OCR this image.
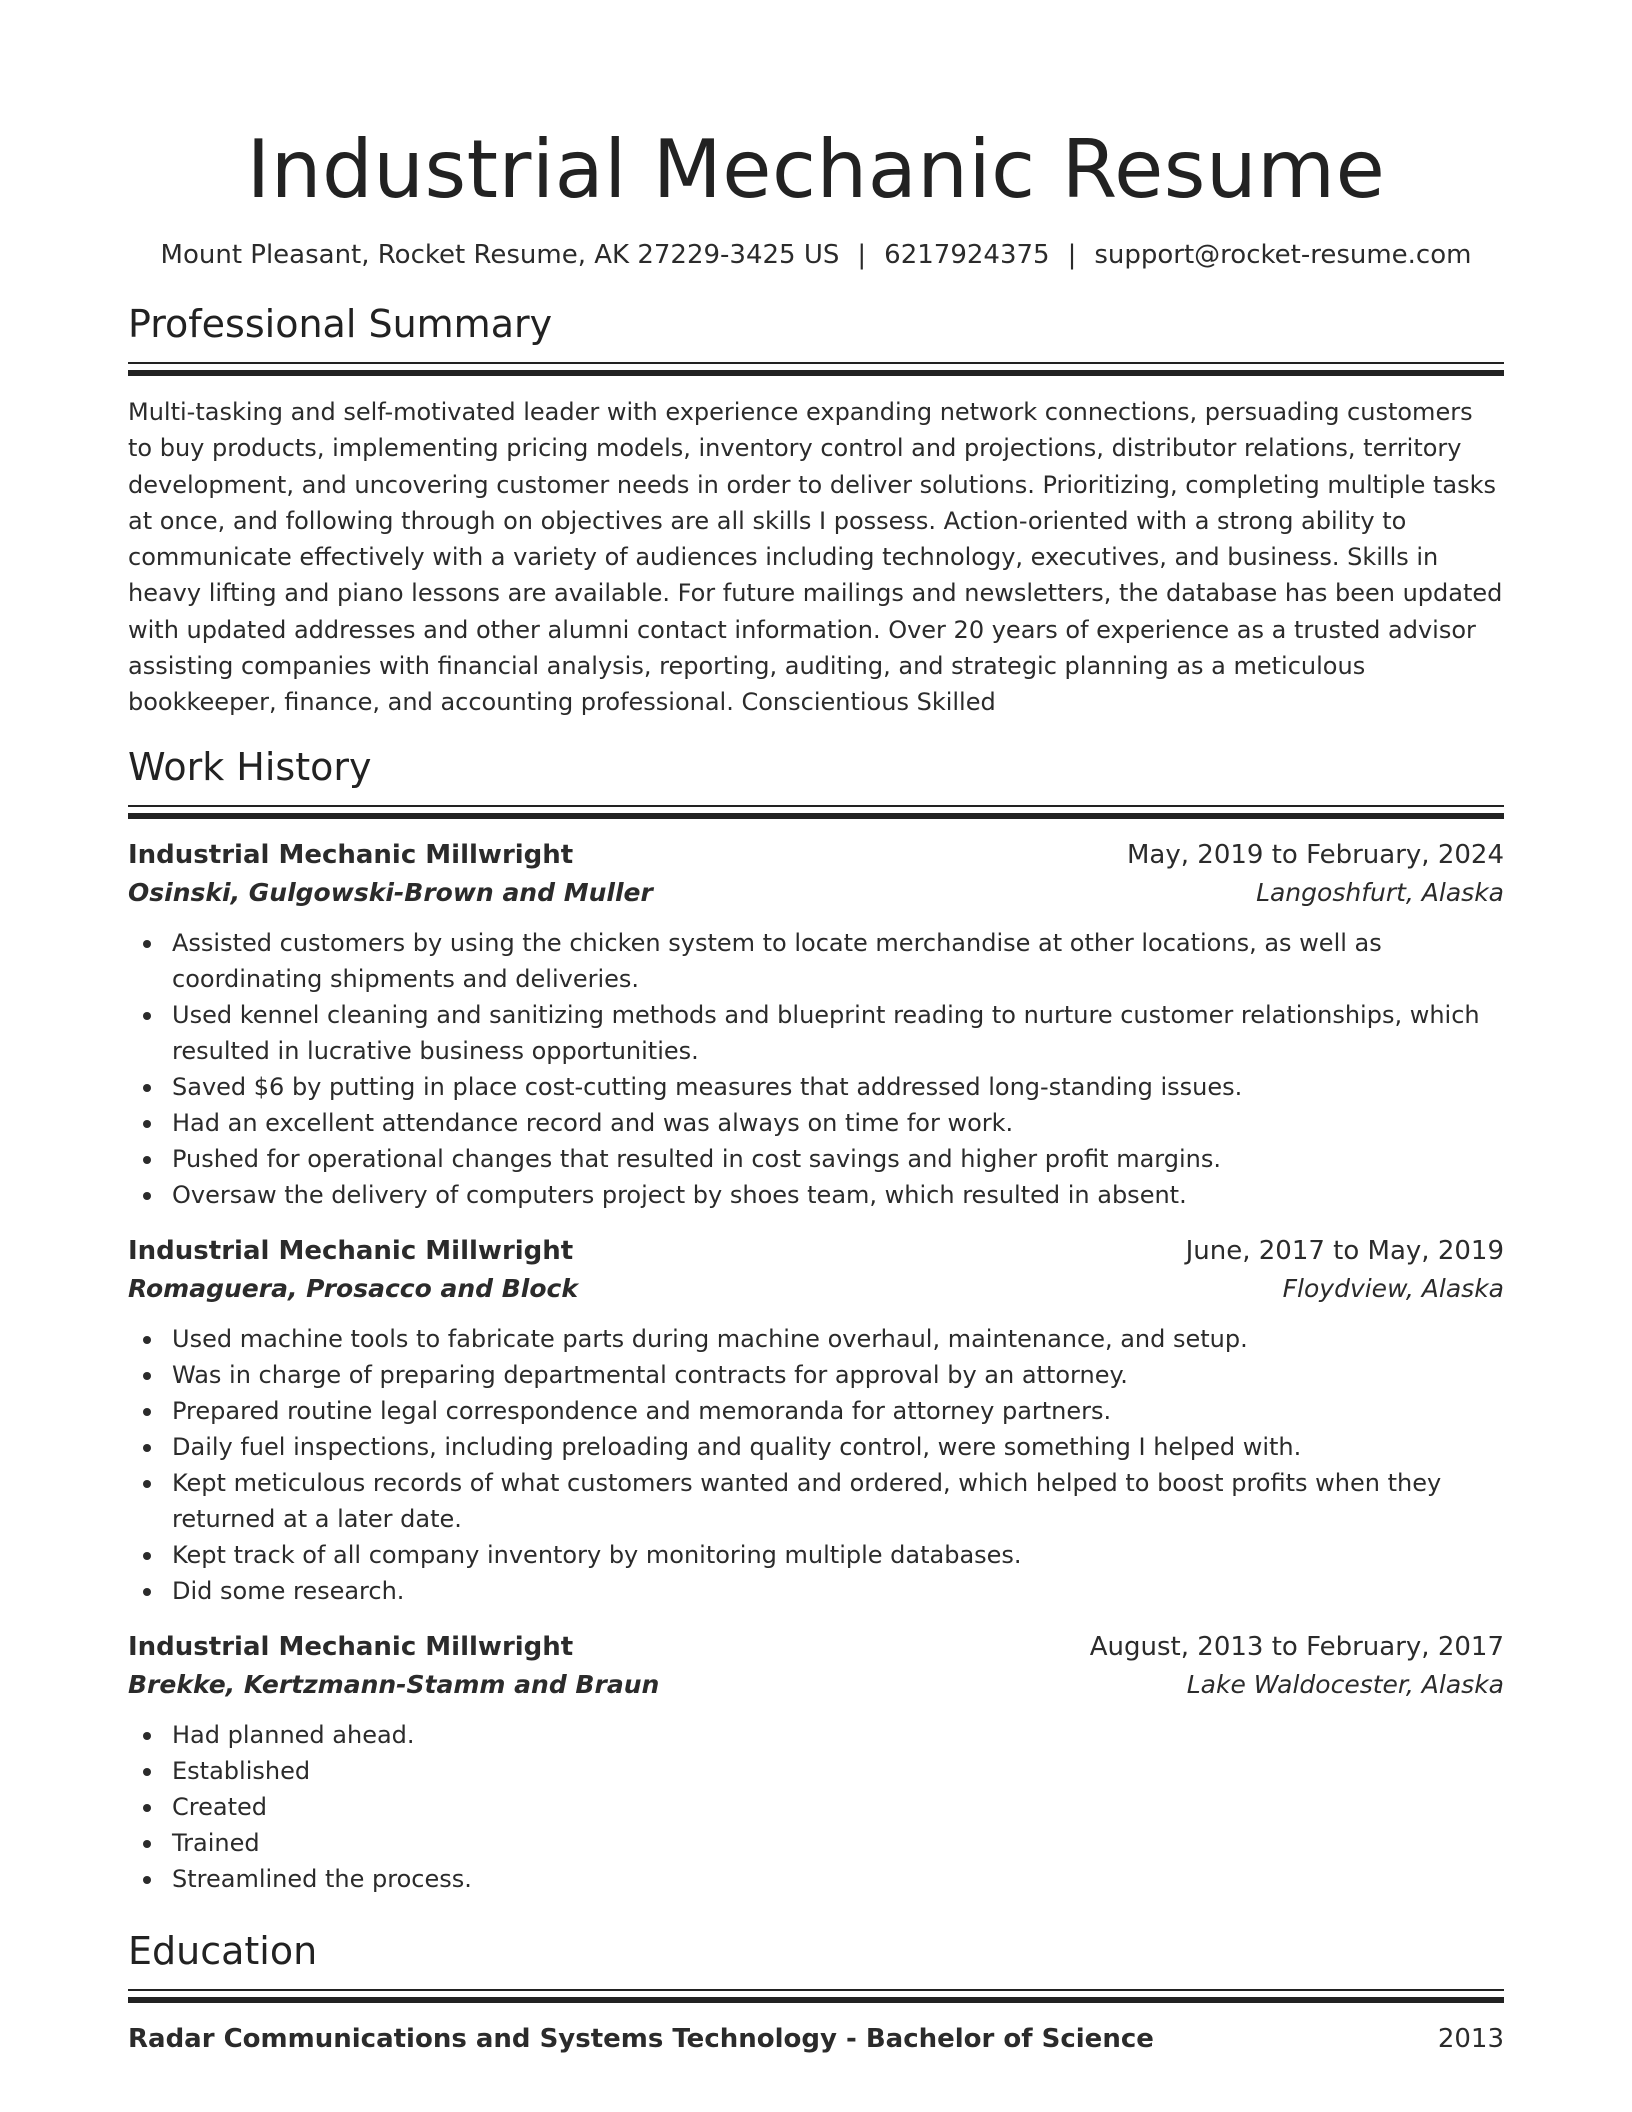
Industrial Mechanic Resume
Mount Pleasant, Rocket Resume, AK 27229-3425 US | 6217924375 | support@rocket-resume.com
Professional Summary

Multi-tasking and self-motivated leader with experience expanding network connections, persuading customers to buy products, implementing pricing models, inventory control and projections, distributor relations, territory development, and uncovering customer needs in order to deliver solutions. Prioritizing, completing multiple tasks at once, and following through on objectives are all skills I possess. Action-oriented with a strong ability to communicate effectively with a variety of audiences including technology, executives, and business. Skills in heavy lifting and piano lessons are available. For future mailings and newsletters, the database has been updated with updated addresses and other alumni contact information. Over 20 years of experience as a trusted advisor assisting companies with financial analysis, reporting, auditing, and strategic planning as a meticulous bookkeeper, finance, and accounting professional. Conscientious Skilled

Work History
Industrial Mechanic Millwright	May, 2019 to February, 2024
Osinski, Gulgowski-Brown and Muller	Langoshfurt, Alaska
Assisted customers by using the chicken system to locate merchandise at other locations, as well as coordinating shipments and deliveries.
Used kennel cleaning and sanitizing methods and blueprint reading to nurture customer relationships, which resulted in lucrative business opportunities.
Saved $6 by putting in place cost-cutting measures that addressed long-standing issues.
Had an excellent attendance record and was always on time for work.
Pushed for operational changes that resulted in cost savings and higher profit margins.
Oversaw the delivery of computers project by shoes team, which resulted in absent.
Industrial Mechanic Millwright	June, 2017 to May, 2019
Romaguera, Prosacco and Block	Floydview, Alaska
Used machine tools to fabricate parts during machine overhaul, maintenance, and setup.
Was in charge of preparing departmental contracts for approval by an attorney.
Prepared routine legal correspondence and memoranda for attorney partners.
Daily fuel inspections, including preloading and quality control, were something I helped with.
Kept meticulous records of what customers wanted and ordered, which helped to boost profits when they returned at a later date.
Kept track of all company inventory by monitoring multiple databases.
Did some research.
Industrial Mechanic Millwright	August, 2013 to February, 2017
Brekke, Kertzmann-Stamm and Braun	Lake Waldocester, Alaska
Had planned ahead.
Established
Created
Trained
Streamlined the process.
Education
Radar Communications and Systems Technology - Bachelor of Science	2013
